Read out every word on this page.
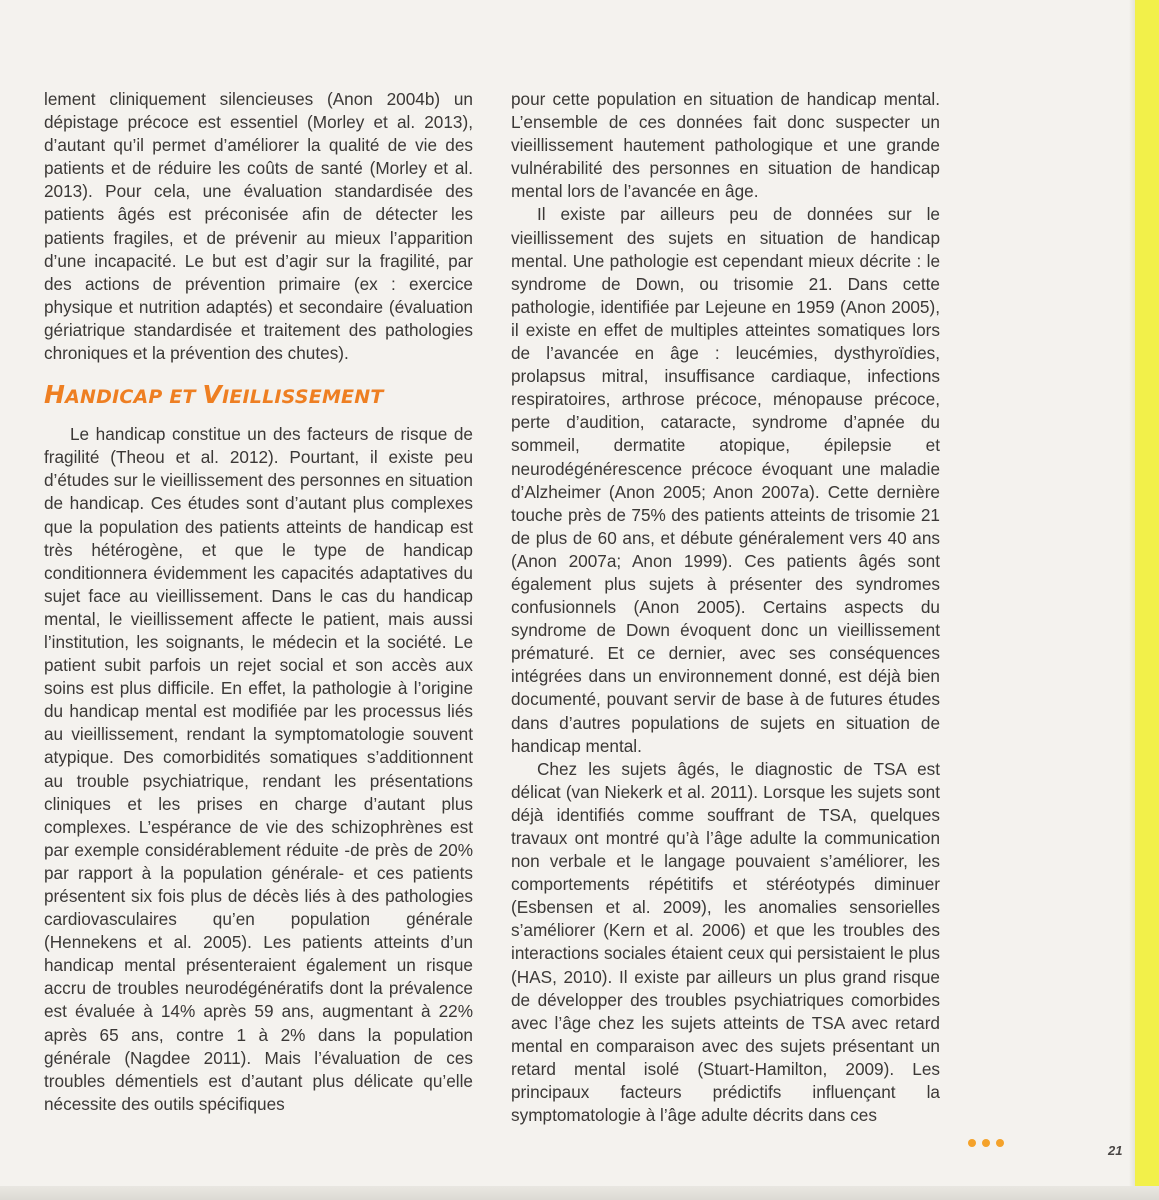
lement cliniquement silencieuses (Anon 2004b) un dépistage précoce est essentiel (Morley et al. 2013), d’autant qu’il permet d’améliorer la qualité de vie des patients et de réduire les coûts de santé (Morley et al. 2013). Pour cela, une évaluation standardisée des patients âgés est préconisée afin de détecter les patients fragiles, et de prévenir au mieux l’apparition d’une incapacité. Le but est d’agir sur la fragilité, par des actions de prévention primaire (ex : exercice physique et nutrition adaptés) et secondaire (évaluation gériatrique standardisée et traitement des pathologies chroniques et la prévention des chutes).

HANDICAP ET VIEILLISSEMENT

Le handicap constitue un des facteurs de risque de fragilité (Theou et al. 2012). Pourtant, il existe peu d’études sur le vieillissement des personnes en situation de handicap. Ces études sont d’autant plus complexes que la population des patients atteints de handicap est très hétérogène, et que le type de handicap conditionnera évidemment les capacités adaptatives du sujet face au vieillissement. Dans le cas du handicap mental, le vieillissement affecte le patient, mais aussi l’institution, les soignants, le médecin et la société. Le patient subit parfois un rejet social et son accès aux soins est plus difficile. En effet, la pathologie à l’origine du handicap mental est modifiée par les processus liés au vieillissement, rendant la symptomatologie souvent atypique. Des comorbidités somatiques s’additionnent au trouble psychiatrique, rendant les présentations cliniques et les prises en charge d’autant plus complexes. L’espérance de vie des schizophrènes est par exemple considérablement réduite -de près de 20% par rapport à la population générale- et ces patients présentent six fois plus de décès liés à des pathologies cardiovasculaires qu’en population générale (Hennekens et al. 2005). Les patients atteints d’un handicap mental présenteraient également un risque accru de troubles neurodégénératifs dont la prévalence est évaluée à 14% après 59 ans, augmentant à 22% après 65 ans, contre 1 à 2% dans la population générale (Nagdee 2011). Mais l’évaluation de ces troubles démentiels est d’autant plus délicate qu’elle nécessite des outils spécifiques

pour cette population en situation de handicap mental. L’ensemble de ces données fait donc suspecter un vieillissement hautement pathologique et une grande vulnérabilité des personnes en situation de handicap mental lors de l’avancée en âge.

Il existe par ailleurs peu de données sur le vieillissement des sujets en situation de handicap mental. Une pathologie est cependant mieux décrite : le syndrome de Down, ou trisomie 21. Dans cette pathologie, identifiée par Lejeune en 1959 (Anon 2005), il existe en effet de multiples atteintes somatiques lors de l’avancée en âge : leucémies, dysthyroïdies, prolapsus mitral, insuffisance cardiaque, infections respiratoires, arthrose précoce, ménopause précoce, perte d’audition, cataracte, syndrome d’apnée du sommeil, dermatite atopique, épilepsie et neurodégénérescence précoce évoquant une maladie d’Alzheimer (Anon 2005; Anon 2007a). Cette dernière touche près de 75% des patients atteints de trisomie 21 de plus de 60 ans, et débute généralement vers 40 ans (Anon 2007a; Anon 1999). Ces patients âgés sont également plus sujets à présenter des syndromes confusionnels (Anon 2005). Certains aspects du syndrome de Down évoquent donc un vieillissement prématuré. Et ce dernier, avec ses conséquences intégrées dans un environnement donné, est déjà bien documenté, pouvant servir de base à de futures études dans d’autres populations de sujets en situation de handicap mental.

Chez les sujets âgés, le diagnostic de TSA est délicat (van Niekerk et al. 2011). Lorsque les sujets sont déjà identifiés comme souffrant de TSA, quelques travaux ont montré qu’à l’âge adulte la communication non verbale et le langage pouvaient s’améliorer, les comportements répétitifs et stéréotypés diminuer (Esbensen et al. 2009), les anomalies sensorielles s’améliorer (Kern et al. 2006) et que les troubles des interactions sociales étaient ceux qui persistaient le plus (HAS, 2010). Il existe par ailleurs un plus grand risque de développer des troubles psychiatriques comorbides avec l’âge chez les sujets atteints de TSA avec retard mental en comparaison avec des sujets présentant un retard mental isolé (Stuart-Hamilton, 2009). Les principaux facteurs prédictifs influençant la symptomatologie à l’âge adulte décrits dans ces

21
